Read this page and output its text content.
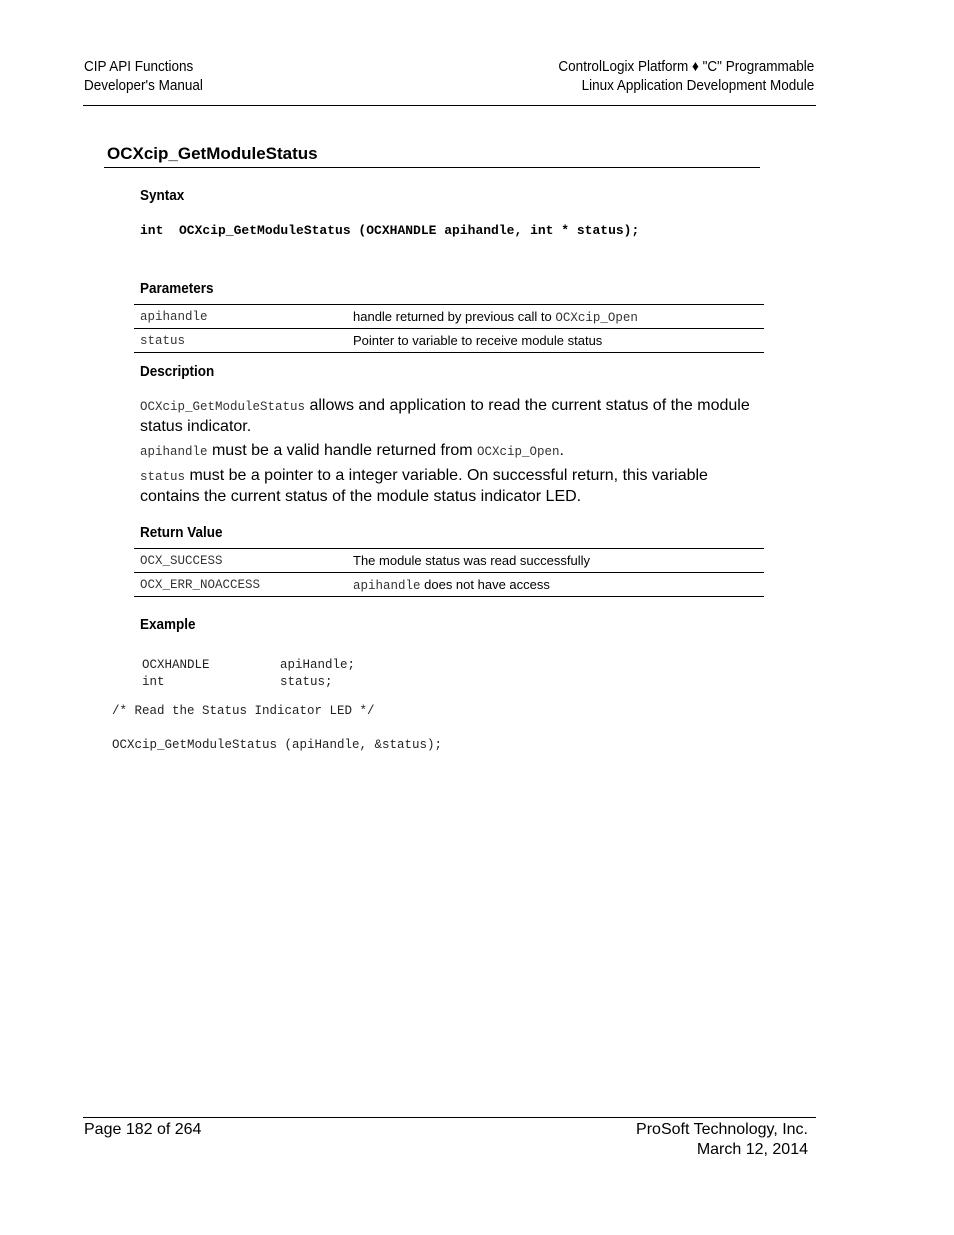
CIP API Functions
Developer's Manual
ControlLogix Platform ♦ "C" Programmable
Linux Application Development Module
OCXcip_GetModuleStatus
Syntax
int  OCXcip_GetModuleStatus (OCXHANDLE apihandle, int * status);
Parameters
apihandle	handle returned by previous call to OCXcip_Open
status	Pointer to variable to receive module status
Description
OCXcip_GetModuleStatus allows and application to read the current status of the module status indicator.
apihandle must be a valid handle returned from OCXcip_Open.
status must be a pointer to a integer variable. On successful return, this variable contains the current status of the module status indicator LED.
Return Value
OCX_SUCCESS	The module status was read successfully
OCX_ERR_NOACCESS	apihandle does not have access
Example

OCXHANDLE	apiHandle;

int	status;

/* Read the Status Indicator LED */
OCXcip_GetModuleStatus (apiHandle, &status);
Page 182 of 264	ProSoft Technology, Inc.
March 12, 2014
